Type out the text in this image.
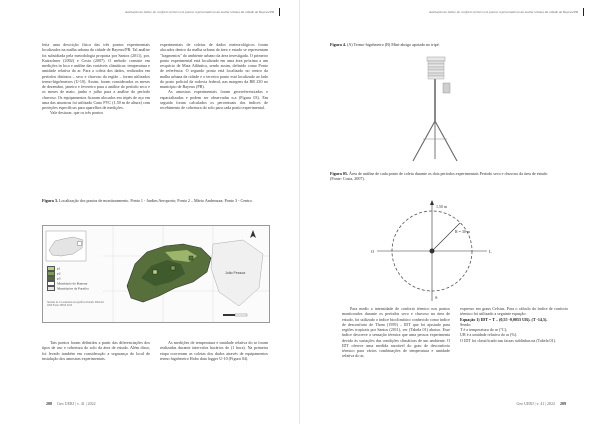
Avaliação do índice de conforto térmico em pontos representativos da malha urbana da cidade de Bayeux/PB

feita uma descrição física das três pontos experimentais localizados na malha urbana da cidade de Bayeux/PB. Tal análise foi subsidiada pela metodologia proposta por Santos (2011), por, Katzschner (2002) e Costa (2007). O método consiste em medições in loco e análise das variáveis climáticas: temperatura e umidade relativa do ar. Para a coleta dos dados, realizados em períodos distintos – seco e chuvoso da região – foram utilizados termo-higrômetros (U-10). Assim, foram considerados os meses de dezembro, janeiro e fevereiro para a análise do período seco e os meses de maio, junho e julho para a análise do período chuvoso. Os equipamentos ficaram alocados em tripés de aço em uma das amostras foi utilizado Cano PVC (1,50 m de altura) com proteções específicas para aparelhos de medições.

Vale destacar, que os três pontos

experimentais de coletas de dados meteorológicos foram alocados dentro da malha urbana da área e estado se representam "fragmentos" do ambiente urbano da área investigada. O primeiro ponto experimental está localizado em uma área próxima a um resquício de Mata Atlântica, sendo assim, definido como Ponto de referência. O segundo ponto está localizado no centro da malha urbana da cidade e o terceiro ponto está localizado ao lado do posto policial da rodovia federal, nas margens da BR 230 no município de Bayeux (PB).

As amostras experimentais foram georreferenciadas e espacializadas e podem ser observadas n.a (Figura 03). Em seguida foram calculados os percentuais dos índices de recebimento de cobertura do solo para cada ponto experimental.

Figura 3. Localização dos pontos de monitoramento. Ponto 1 - Jardim Aeroporto; Ponto 2 – Mário Andreazza; Ponto 3 - Centro.
João Pessoa
p1
p2
p3
Município de Bayeux
Municípios da Paraíba
Sistema de Coordenadas Geográficas Datum: SIRGAS 2000 Fonte: IBGE 2010

Tais pontos foram definidos a partir das diferenciações dos tipos de uso e cobertura do solo da área de estudo. Além disso, foi levado também em consideração a segurança do local de instalação dos amostras experimentais.

As medições de temperatura e umidade relativa do ar foram realizadas durante intervalos horários de (1 hora). Na primeira etapa ocorreram as coletas dos dados através de equipamentos termo higrômetro Hobo data logger U-10 (Figura 04).

208 Geo UERJ | v. 41 | 2022
Avaliação do índice de conforto térmico em pontos representativos da malha urbana da cidade de Bayeux/PB
Figura 4. (A) Termo-higrômetro (B) Mini-abrigo apoiado no tripé.
Figura 05. Área de análise de cada ponto de coleta durante os dois períodos experimentais Período seco e chuvoso da área de estudo (Fonte: Costa, 2007).
1,50 m
O	L
S
R = 30 m

Para medir a intensidade de conforto térmico nos pontos monitorados durante os períodos seco e chuvoso na área de estudo, foi utilizado o índice bioclimático conhecido como índice de desconforto de Thom (1959) – IDT que foi ajustado para regiões tropicais por Santos (2011), ver (Tabela 01) abaixo. Esse índice descreve a sensação térmica que uma pessoa experimenta devido às variações das condições climáticas de um ambiente. O IDT oferece uma medida razoável do grau de desconforto térmico para vários combinações de temperatura e umidade relativa do ar,

expresso em graus Celsius. Para o cálculo do índice de conforto térmico foi utilizado a seguinte equação:

Equação 1) IDT = T – (0,55 -0,0055 UR). (T -14,5).

Sendo:

T é a temperatura do ar (°C);

UR é a umidade relativa do ar (%).

O IDT foi classificado nas faixas sublinhas na (Tabela 01).

Geo UERJ | v. 41 | 2022 209
